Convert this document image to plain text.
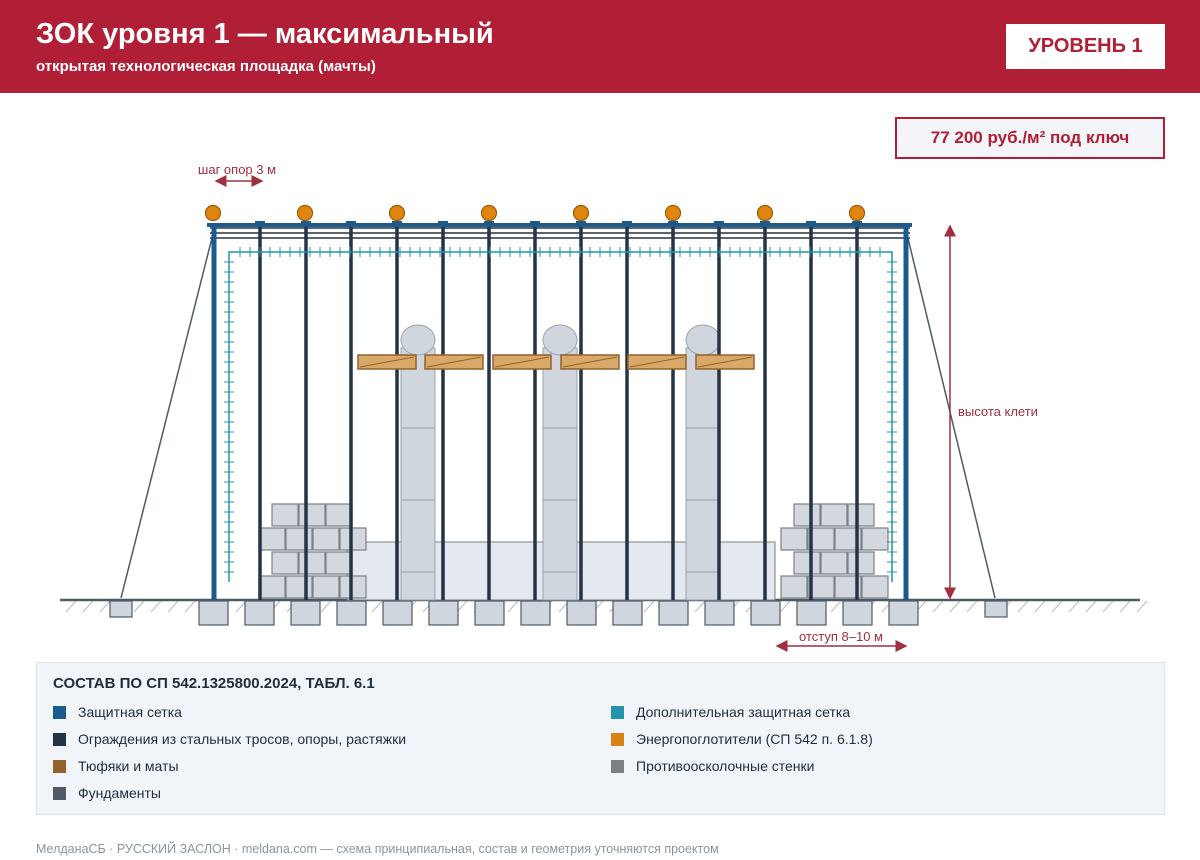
ЗОК уровня 1 — максимальный
открытая технологическая площадка (мачты)
УРОВЕНЬ 1
77 200 руб./м² под ключ
шаг опор 3 м
высота клети
отступ 8–10 м
СОСТАВ ПО СП 542.1325800.2024, ТАБЛ. 6.1
Защитная сетка	Дополнительная защитная сетка
Ограждения из стальных тросов, опоры, растяжки	Энергопоглотители (СП 542 п. 6.1.8)
Тюфяки и маты	Противоосколочные стенки
Фундаменты
МелданаСБ · РУССКИЙ ЗАСЛОН · meldana.com — схема принципиальная, состав и геометрия уточняются проектом
